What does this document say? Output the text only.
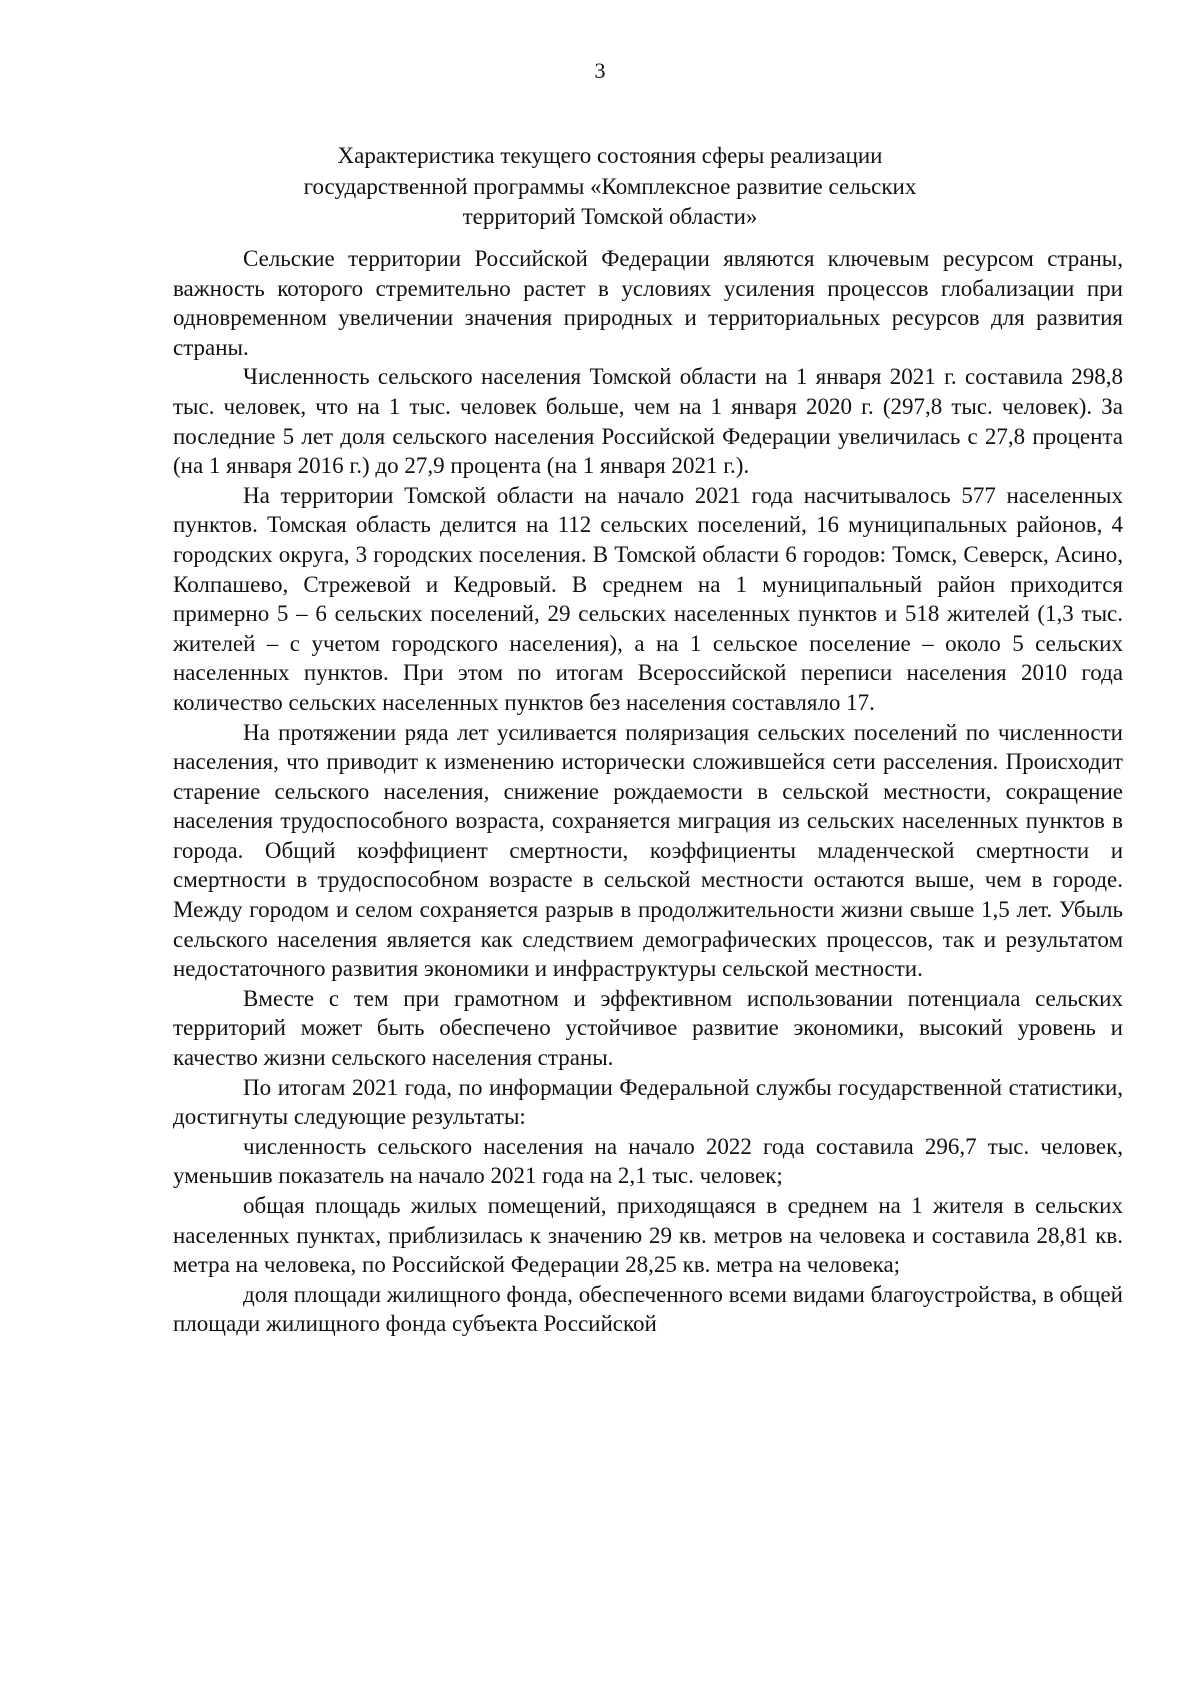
3
Характеристика текущего состояния сферы реализации
государственной программы «Комплексное развитие сельских
территорий Томской области»

Сельские территории Российской Федерации являются ключевым ресурсом страны, важность которого стремительно растет в условиях усиления процессов глобализации при одновременном увеличении значения природных и территориальных ресурсов для развития страны.

Численность сельского населения Томской области на 1 января 2021 г. составила 298,8 тыс. человек, что на 1 тыс. человек больше, чем на 1 января 2020 г. (297,8 тыс. человек). За последние 5 лет доля сельского населения Российской Федерации увеличилась с 27,8 процента (на 1 января 2016 г.) до 27,9 процента (на 1 января 2021 г.).

На территории Томской области на начало 2021 года насчитывалось 577 населенных пунктов. Томская область делится на 112 сельских поселений, 16 муниципальных районов, 4 городских округа, 3 городских поселения. В Томской области 6 городов: Томск, Северск, Асино, Колпашево, Стрежевой и Кедровый. В среднем на 1 муниципальный район приходится примерно 5 – 6 сельских поселений, 29 сельских населенных пунктов и 518 жителей (1,3 тыс. жителей – с учетом городского населения), а на 1 сельское поселение – около 5 сельских населенных пунктов. При этом по итогам Всероссийской переписи населения 2010 года количество сельских населенных пунктов без населения составляло 17.

На протяжении ряда лет усиливается поляризация сельских поселений по численности населения, что приводит к изменению исторически сложившейся сети расселения. Происходит старение сельского населения, снижение рождаемости в сельской местности, сокращение населения трудоспособного возраста, сохраняется миграция из сельских населенных пунктов в города. Общий коэффициент смертности, коэффициенты младенческой смертности и смертности в трудоспособном возрасте в сельской местности остаются выше, чем в городе. Между городом и селом сохраняется разрыв в продолжительности жизни свыше 1,5 лет. Убыль сельского населения является как следствием демографических процессов, так и результатом недостаточного развития экономики и инфраструктуры сельской местности.

Вместе с тем при грамотном и эффективном использовании потенциала сельских территорий может быть обеспечено устойчивое развитие экономики, высокий уровень и качество жизни сельского населения страны.

По итогам 2021 года, по информации Федеральной службы государственной статистики, достигнуты следующие результаты:

численность сельского населения на начало 2022 года составила 296,7 тыс. человек, уменьшив показатель на начало 2021 года на 2,1 тыс. человек;

общая площадь жилых помещений, приходящаяся в среднем на 1 жителя в сельских населенных пунктах, приблизилась к значению 29 кв. метров на человека и составила 28,81 кв. метра на человека, по Российской Федерации 28,25 кв. метра на человека;

доля площади жилищного фонда, обеспеченного всеми видами благоустройства, в общей площади жилищного фонда субъекта Российской
